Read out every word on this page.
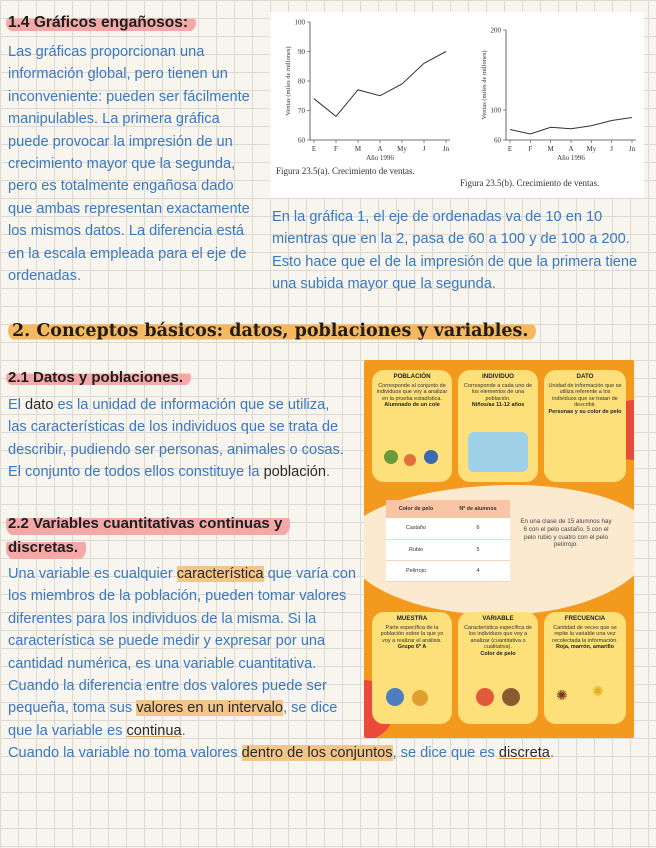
1.4 Gráficos engañosos:
Las gráficas proporcionan una
información global, pero tienen un
inconveniente: pueden ser fácilmente
manipulables. La primera gráfica
puede provocar la impresión de un
crecimiento mayor que la segunda,
pero es totalmente engañosa dado
que ambas representan exactamente
los mismos datos. La diferencia está
en la escala empleada para el eje de
ordenadas.
60
70
80
90
100
E	F M A My J	Jn
Año 1996
Ventas (miles de millones)
Figura 23.5(a). Crecimiento de ventas.
60
100
200
E F M A My J Jn
Año 1996
Ventas (miles de millones)
Figura 23.5(b). Crecimiento de ventas.
En la gráfica 1, el eje de ordenadas va de 10 en 10
mientras que en la 2, pasa de 60 a 100 y de 100 a 200.
Esto hace que el de la impresión de que la primera tiene
una subida mayor que la segunda.
2. Conceptos básicos: datos, poblaciones y variables.
2.1 Datos y poblaciones.
El dato es la unidad de información que se utiliza,
las características de los individuos que se trata de
describir, pudiendo ser personas, animales o cosas.
El conjunto de todos ellos constituye la población.
2.2 Variables cuantitativas continuas y
discretas.
Una variable es cualquier característica que varía con
los miembros de la población, pueden tomar valores
diferentes para los individuos de la misma. Si la
característica se puede medir y expresar por una
cantidad numérica, es una variable cuantitativa.
Cuando la diferencia entre dos valores puede ser
pequeña, toma sus valores en un intervalo, se dice
que la variable es continua.
Cuando la variable no toma valores dentro de los conjuntos, se dice que es discreta.
POBLACIÓN
Corresponde al conjunto de individuos que voy a analizar en la prueba estadística.
Alumnado de un cole
INDIVIDUO
Corresponde a cada uno de los elementos de una población.
Niños/as 11-12 años
DATO
Unidad de información que se utiliza referente a los individuos que se tratan de describir.
Personas y su color de pelo
Color de pelo	Nº de alumnos
Castaño	6
Rubio	5
Pelirrojo	4
En una clase de 15 alumnos hay 6 con el pelo castaño, 5 con el pelo rubio y cuatro con el pelo pelirrojo.
MUESTRA
Parte específica de la población sobre la que yo voy a realizar el análisis.
Grupo 6º A
VARIABLE
Característica específica de los individuos que voy a analizar (cuantitativa o cualitativa).
Color de pelo
FRECUENCIA
Cantidad de veces que se repite la variable una vez recolectada la información.
Roja, marrón, amarillo
✺ ✺
